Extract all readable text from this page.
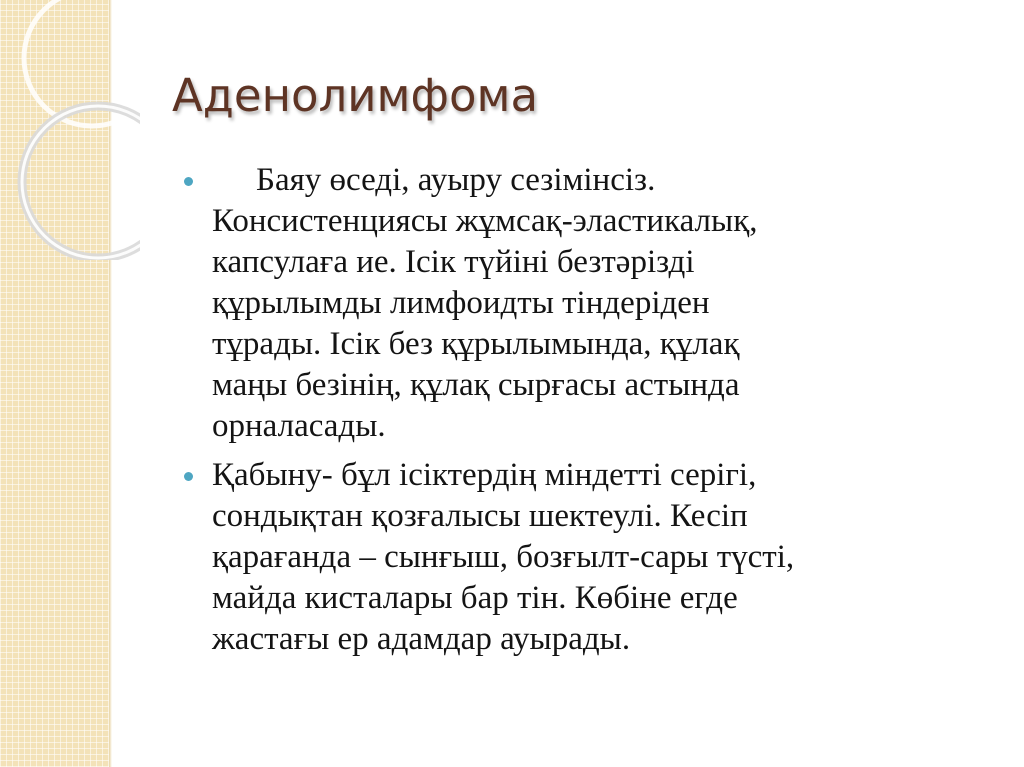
Аденолимфома
Баяу өседі, ауыру сезімінсіз.
Консистенциясы жұмсақ-эластикалық,
капсулаға ие. Ісік түйіні безтәрізді
құрылымды лимфоидты тіндеріден
тұрады. Ісік без құрылымында, құлақ
маңы безінің, құлақ сырғасы астында
орналасады.
Қабыну- бұл ісіктердің міндетті серігі,
сондықтан қозғалысы шектеулі. Кесіп
қарағанда – сынғыш, бозғылт-сары түсті,
майда кисталары бар тін. Көбіне егде
жастағы ер адамдар ауырады.
